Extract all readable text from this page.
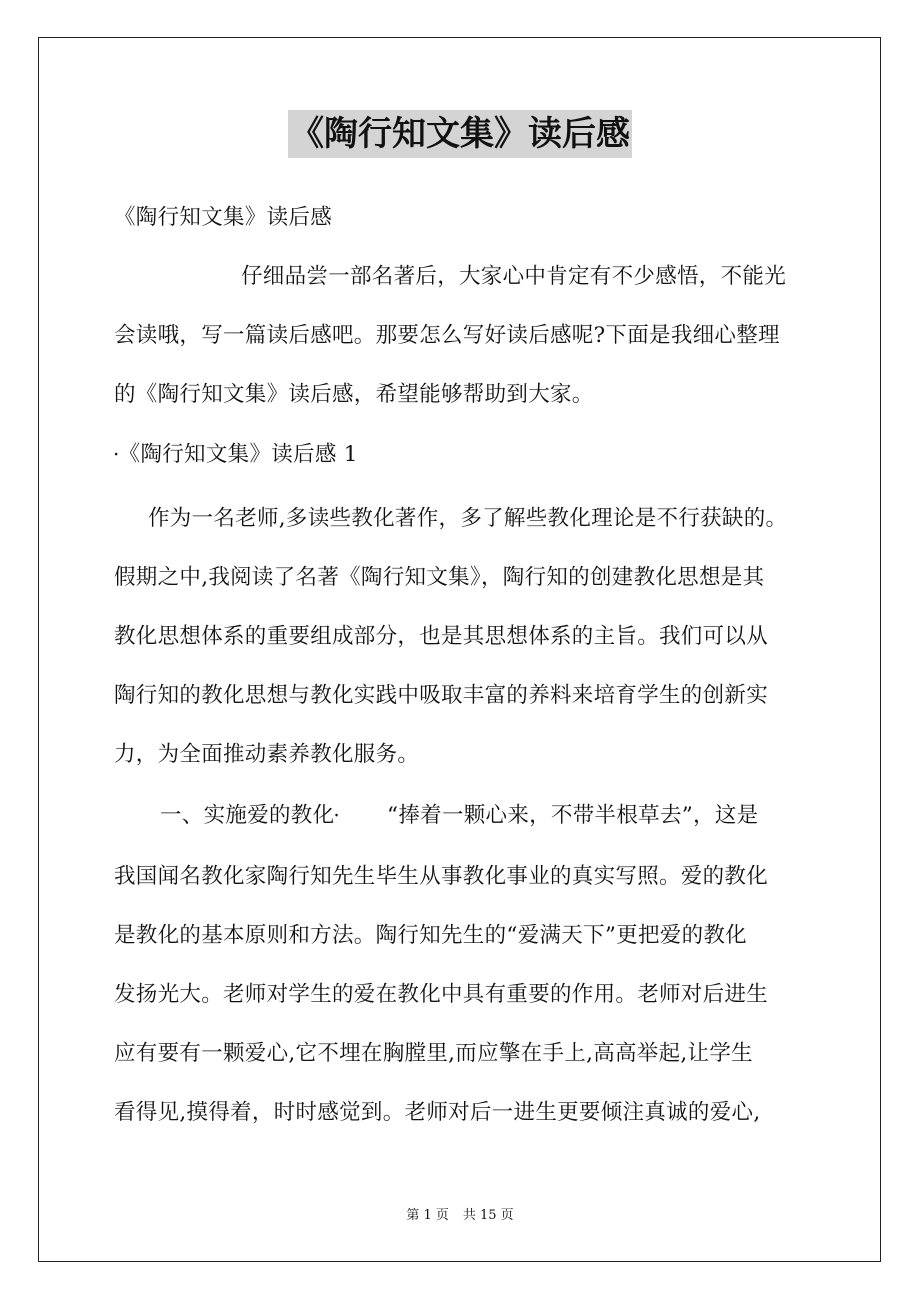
《陶行知文集》读后感
《陶行知文集》读后感
仔细品尝一部名著后，大家心中肯定有不少感悟，不能光
会读哦，写一篇读后感吧。那要怎么写好读后感呢?下面是我细心整理
的《陶行知文集》读后感，希望能够帮助到大家。
ꞏ《陶行知文集》读后感 1
作为一名老师,多读些教化著作，多了解些教化理论是不行获缺的。
假期之中,我阅读了名著《陶行知文集》，陶行知的创建教化思想是其
教化思想体系的重要组成部分，也是其思想体系的主旨。我们可以从
陶行知的教化思想与教化实践中吸取丰富的养料来培育学生的创新实
力，为全面推动素养教化服务。
一、实施爱的教化ꞏ “捧着一颗心来，不带半根草去”，这是
我国闻名教化家陶行知先生毕生从事教化事业的真实写照。爱的教化
是教化的基本原则和方法。陶行知先生的“爱满天下”更把爱的教化
发扬光大。老师对学生的爱在教化中具有重要的作用。老师对后进生
应有要有一颗爱心,它不埋在胸膛里,而应擎在手上,高高举起,让学生
看得见,摸得着，时时感觉到。老师对后一进生更要倾注真诚的爱心,
第 1 页 共 15 页
